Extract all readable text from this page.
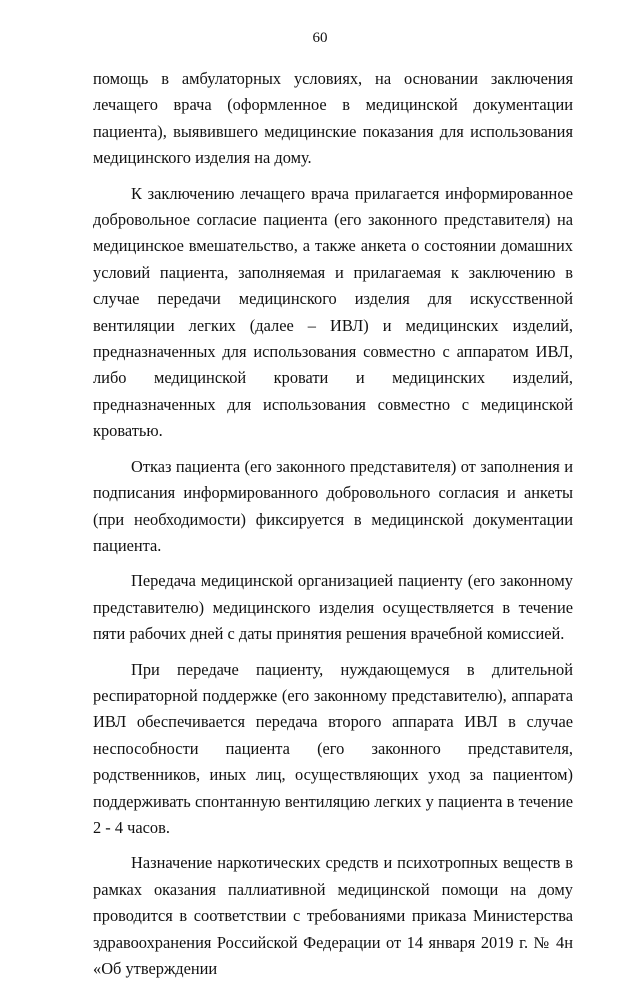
60

помощь в амбулаторных условиях, на основании заключения лечащего врача (оформленное в медицинской документации пациента), выявившего медицинские показания для использования медицинского изделия на дому.

К заключению лечащего врача прилагается информированное добровольное согласие пациента (его законного представителя) на медицинское вмешательство, а также анкета о состоянии домашних условий пациента, заполняемая и прилагаемая к заключению в случае передачи медицинского изделия для искусственной вентиляции легких (далее – ИВЛ) и медицинских изделий, предназначенных для использования совместно с аппаратом ИВЛ, либо медицинской кровати и медицинских изделий, предназначенных для использования совместно с медицинской кроватью.

Отказ пациента (его законного представителя) от заполнения и подписания информированного добровольного согласия и анкеты (при необходимости) фиксируется в медицинской документации пациента.

Передача медицинской организацией пациенту (его законному представителю) медицинского изделия осуществляется в течение пяти рабочих дней с даты принятия решения врачебной комиссией.

При передаче пациенту, нуждающемуся в длительной респираторной поддержке (его законному представителю), аппарата ИВЛ обеспечивается передача второго аппарата ИВЛ в случае неспособности пациента (его законного представителя, родственников, иных лиц, осуществляющих уход за пациентом) поддерживать спонтанную вентиляцию легких у пациента в течение 2 - 4 часов.

Назначение наркотических средств и психотропных веществ в рамках оказания паллиативной медицинской помощи на дому проводится в соответствии с требованиями приказа Министерства здравоохранения Российской Федерации от 14 января 2019 г. № 4н «Об утверждении
